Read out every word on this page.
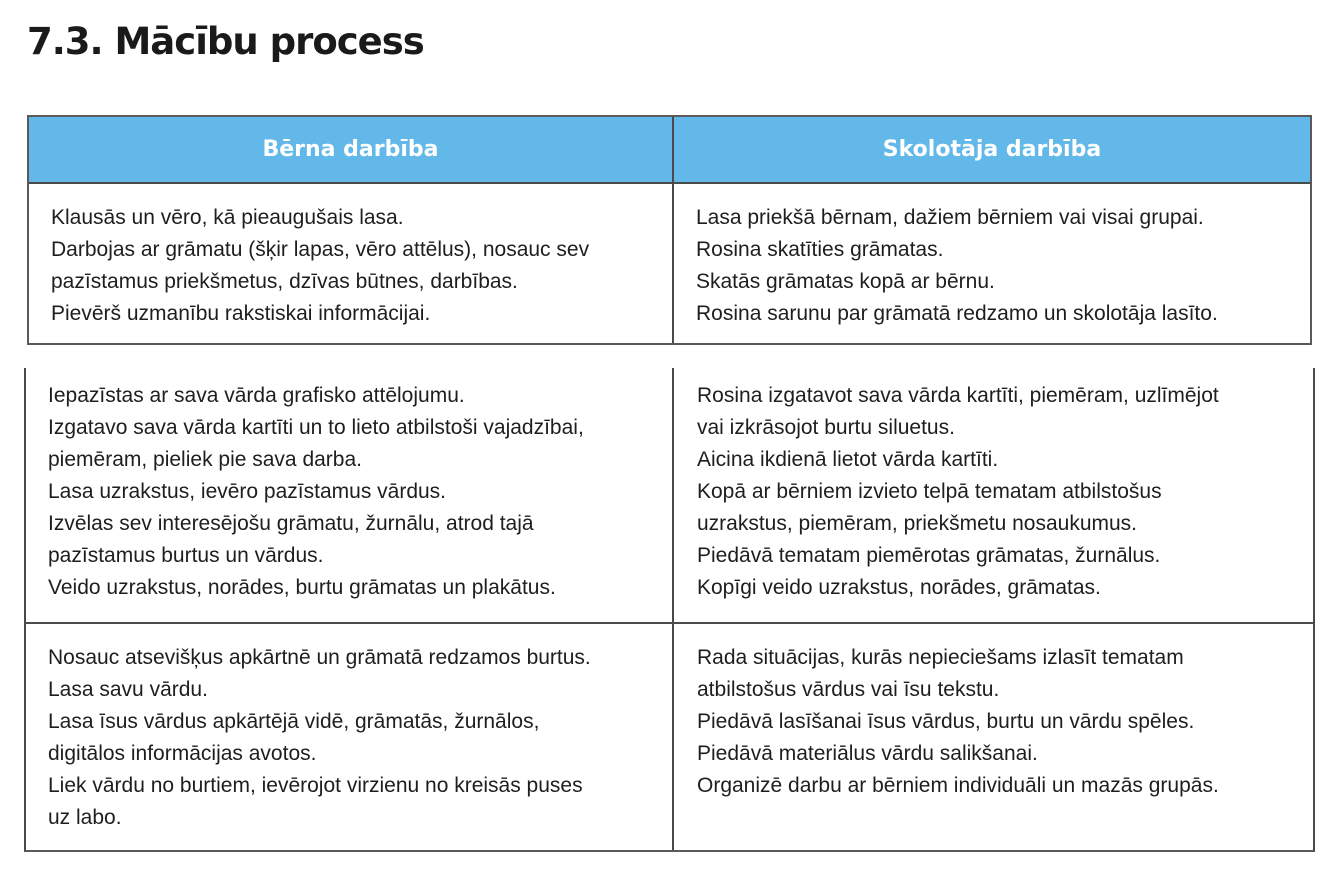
7.3. Mācību process
Bērna darbība	Skolotāja darbība

Klausās un vēro, kā pieaugušais lasa.

Darbojas ar grāmatu (šķir lapas, vēro attēlus), nosauc sev

pazīstamus priekšmetus, dzīvas būtnes, darbības.

Pievērš uzmanību rakstiskai informācijai.

Lasa priekšā bērnam, dažiem bērniem vai visai grupai.

Rosina skatīties grāmatas.

Skatās grāmatas kopā ar bērnu.

Rosina sarunu par grāmatā redzamo un skolotāja lasīto.

Iepazīstas ar sava vārda grafisko attēlojumu.

Izgatavo sava vārda kartīti un to lieto atbilstoši vajadzībai,

piemēram, pieliek pie sava darba.

Lasa uzrakstus, ievēro pazīstamus vārdus.

Izvēlas sev interesējošu grāmatu, žurnālu, atrod tajā

pazīstamus burtus un vārdus.

Veido uzrakstus, norādes, burtu grāmatas un plakātus.

Rosina izgatavot sava vārda kartīti, piemēram, uzlīmējot

vai izkrāsojot burtu siluetus.

Aicina ikdienā lietot vārda kartīti.

Kopā ar bērniem izvieto telpā tematam atbilstošus

uzrakstus, piemēram, priekšmetu nosaukumus.

Piedāvā tematam piemērotas grāmatas, žurnālus.

Kopīgi veido uzrakstus, norādes, grāmatas.

Nosauc atsevišķus apkārtnē un grāmatā redzamos burtus.

Lasa savu vārdu.

Lasa īsus vārdus apkārtējā vidē, grāmatās, žurnālos,

digitālos informācijas avotos.

Liek vārdu no burtiem, ievērojot virzienu no kreisās puses

uz labo.

Rada situācijas, kurās nepieciešams izlasīt tematam

atbilstošus vārdus vai īsu tekstu.

Piedāvā lasīšanai īsus vārdus, burtu un vārdu spēles.

Piedāvā materiālus vārdu salikšanai.

Organizē darbu ar bērniem individuāli un mazās grupās.
